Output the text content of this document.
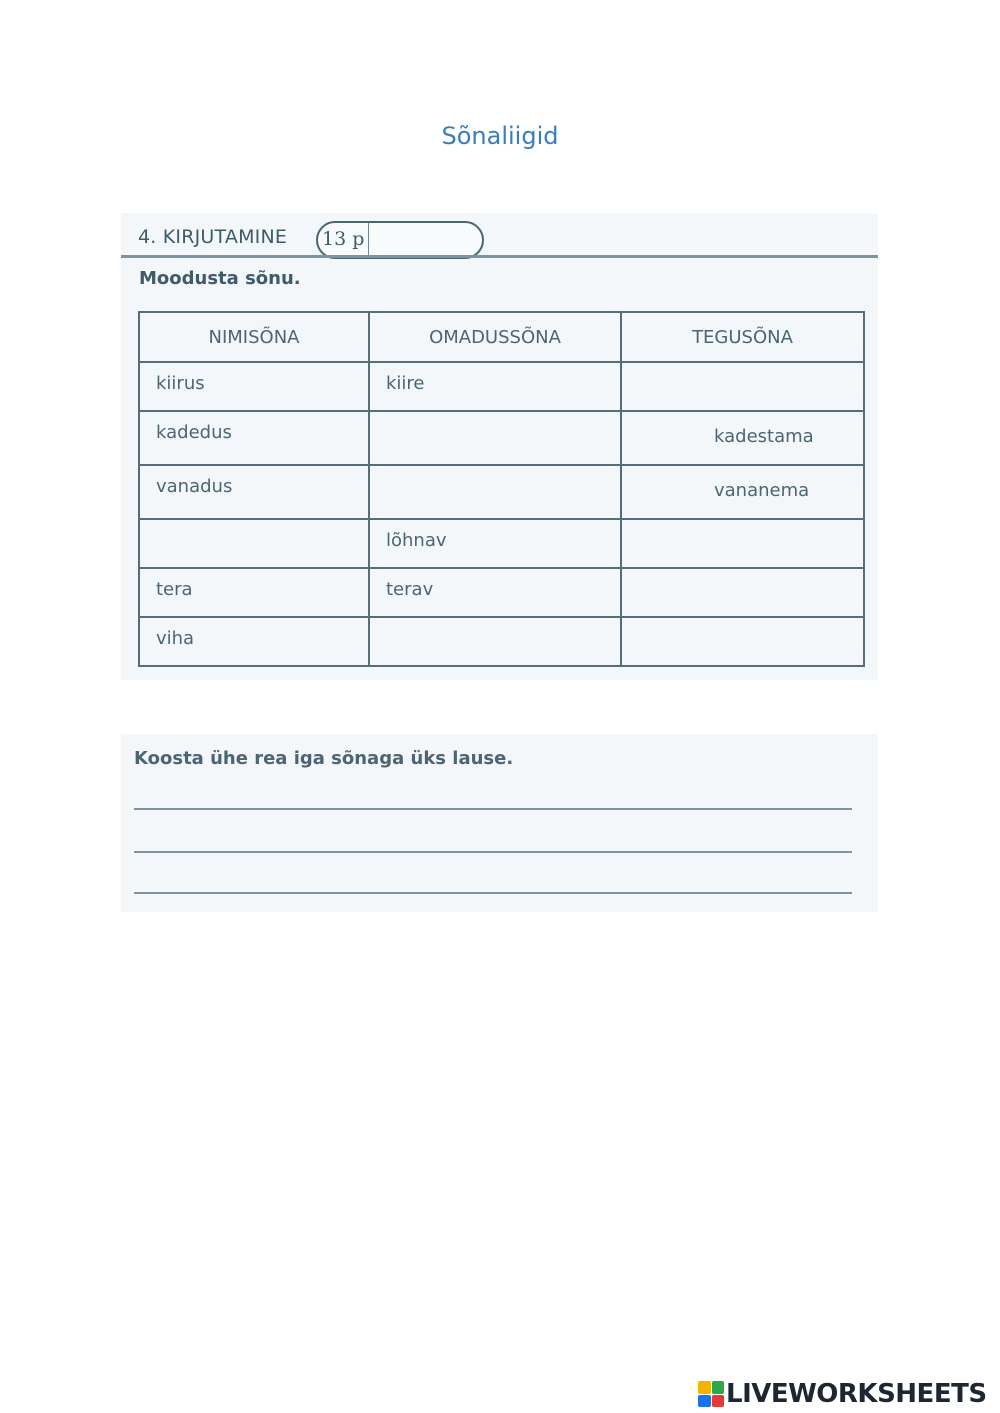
Sõnaliigid
13 p
4. KIRJUTAMINE
Moodusta sõnu.
NIMISÕNA	OMADUSSÕNA	TEGUSÕNA
kiirus	kiire	
kadedus		kadestama
vanadus		vananema
	lõhnav	
tera	terav	
viha		
Koosta ühe rea iga sõnaga üks lause.
LIVEWORKSHEETS
